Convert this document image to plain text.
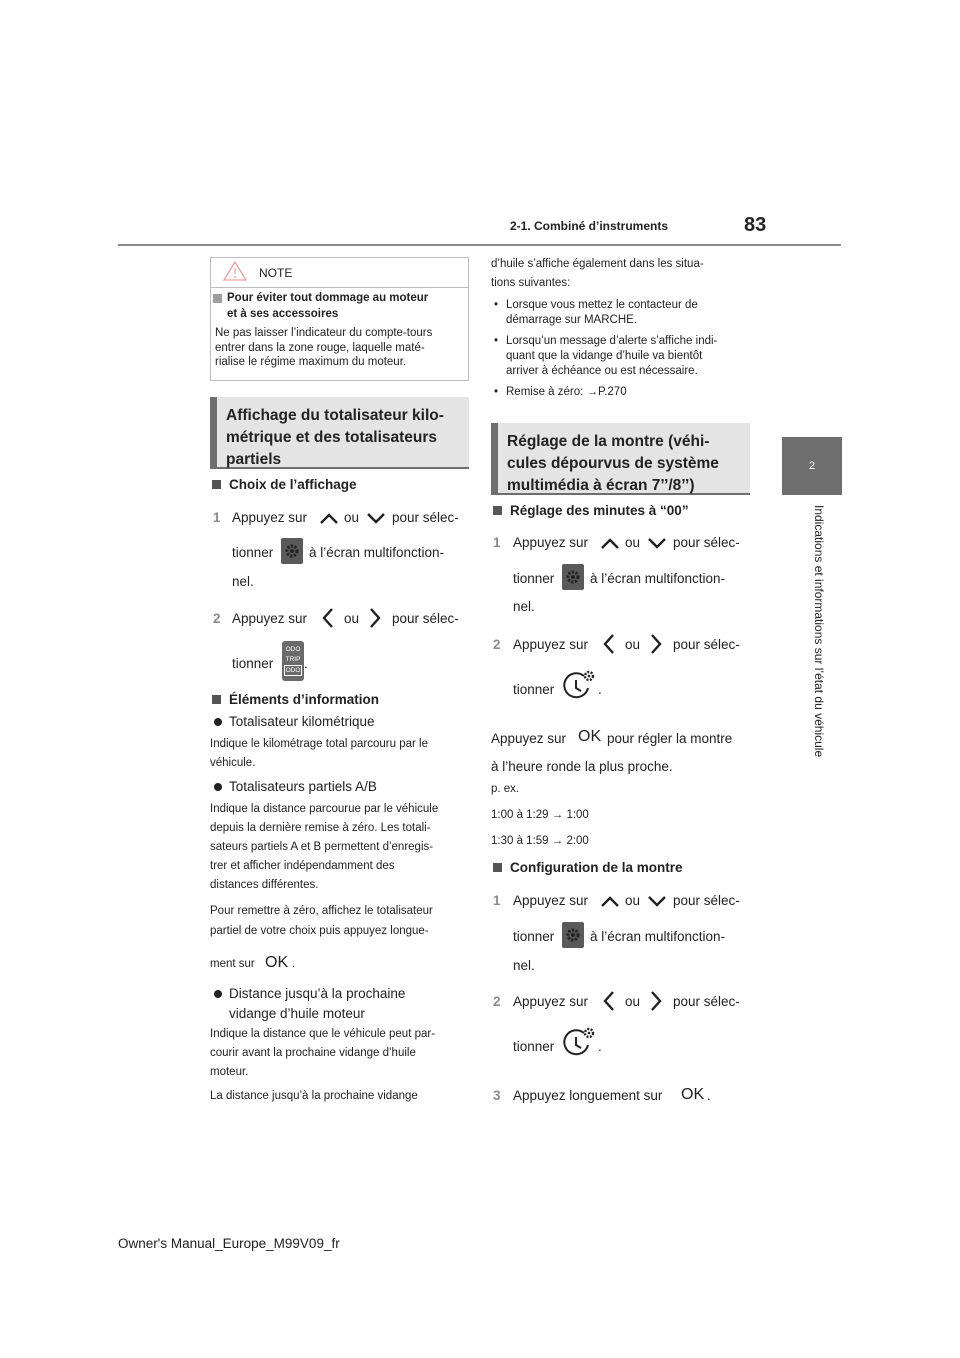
83
2-1. Combiné d’instruments
2
Indications et informations sur l’état du véhicule
NOTE
Pour éviter tout dommage au moteur
et à ses accessoires
Ne pas laisser l’indicateur du compte-tours
entrer dans la zone rouge, laquelle maté-
rialise le régime maximum du moteur.
Affichage du totalisateur kilo-
métrique et des totalisateurs
partiels
Choix de l’affichage
1 Appuyez sur	ou pour sélec-
tionner	à l’écran multifonction-
nel.
2 Appuyez sur	ou pour sélec-
tionner
ODO
TRIP
ODO .
Éléments d’information
Totalisateur kilométrique
Indique le kilométrage total parcouru par le
véhicule.
Totalisateurs partiels A/B
Indique la distance parcourue par le véhicule
depuis la dernière remise à zéro. Les totali-
sateurs partiels A et B permettent d’enregis-
trer et afficher indépendamment des
distances différentes.
Pour remettre à zéro, affichez le totalisateur
partiel de votre choix puis appuyez longue-
ment sur OK .
Distance jusqu’à la prochaine
vidange d’huile moteur
Indique la distance que le véhicule peut par-
courir avant la prochaine vidange d’huile
moteur.
La distance jusqu’à la prochaine vidange
d’huile s’affiche également dans les situa-
tions suivantes:
• Lorsque vous mettez le contacteur de
démarrage sur MARCHE.
• Lorsqu’un message d’alerte s’affiche indi-
quant que la vidange d’huile va bientôt
arriver à échéance ou est nécessaire.
• Remise à zéro: →P.270
Réglage de la montre (véhi-
cules dépourvus de système
multimédia à écran 7’’/8’’)
Réglage des minutes à “00”
1 Appuyez sur	ou pour sélec-
tionner	à l’écran multifonction-
nel.
2 Appuyez sur	ou pour sélec-
tionner	.
Appuyez sur OK pour régler la montre
à l’heure ronde la plus proche.
p. ex.
1:00 à 1:29 → 1:00
1:30 à 1:59 → 2:00
Configuration de la montre
1 Appuyez sur	ou pour sélec-
tionner	à l’écran multifonction-
nel.
2 Appuyez sur	ou pour sélec-
tionner	.
3 Appuyez longuement sur OK .
Owner's Manual_Europe_M99V09_fr
